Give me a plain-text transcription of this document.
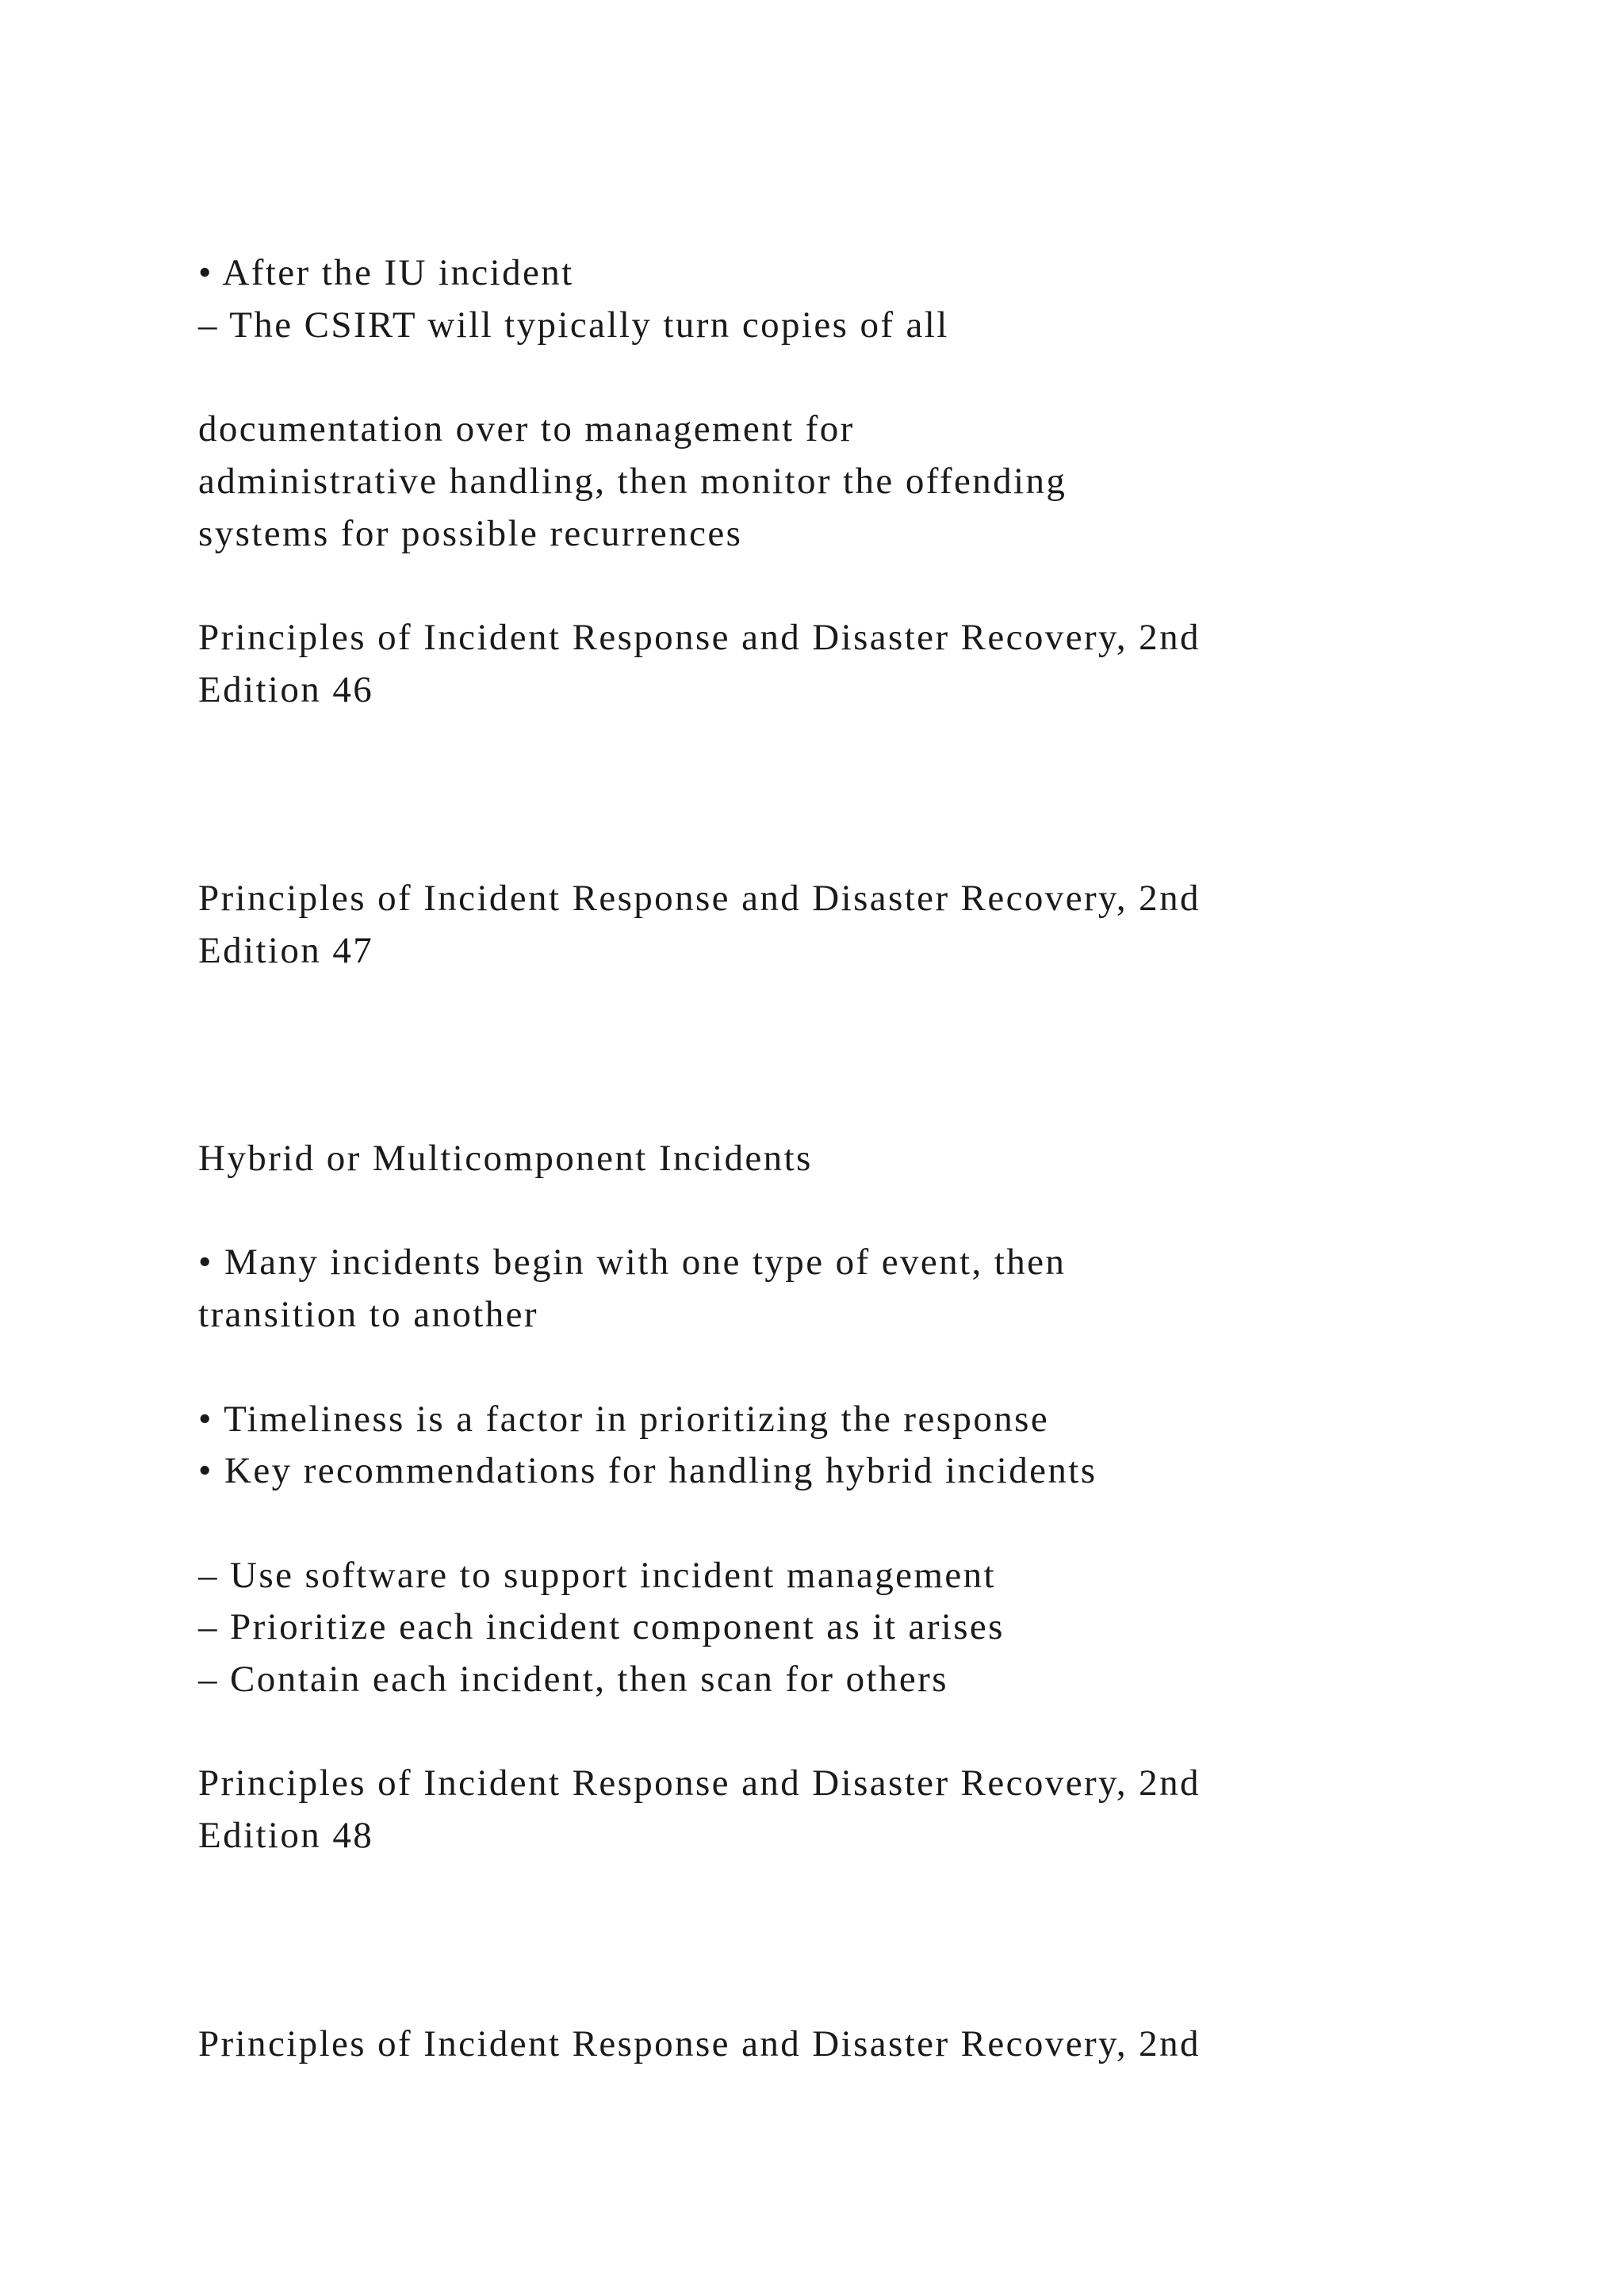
• After the IU incident

– The CSIRT will typically turn copies of all

documentation over to management for

administrative handling, then monitor the offending

systems for possible recurrences

Principles of Incident Response and Disaster Recovery, 2nd

Edition 46

Principles of Incident Response and Disaster Recovery, 2nd

Edition 47

Hybrid or Multicomponent Incidents

• Many incidents begin with one type of event, then

transition to another

• Timeliness is a factor in prioritizing the response

• Key recommendations for handling hybrid incidents

– Use software to support incident management

– Prioritize each incident component as it arises

– Contain each incident, then scan for others

Principles of Incident Response and Disaster Recovery, 2nd

Edition 48

Principles of Incident Response and Disaster Recovery, 2nd
